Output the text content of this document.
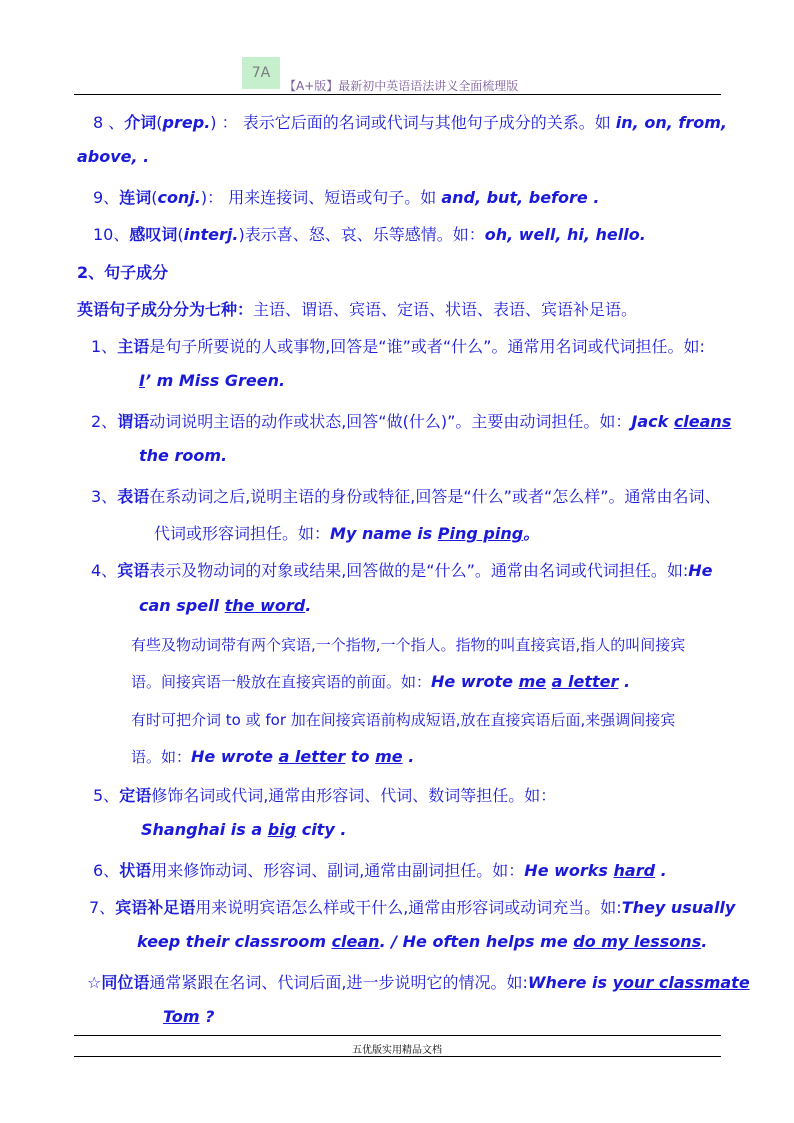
7A
【A+版】最新初中英语语法讲义全面梳理版
8 、介词(prep.) ： 表示它后面的名词或代词与其他句子成分的关系。如 in, on, from,
above, .
9、连词(conj.)： 用来连接词、短语或句子。如 and, but, before .
10、感叹词(interj.)表示喜、怒、哀、乐等感情。如：oh, well, hi, hello.
2、句子成分
英语句子成分分为七种：主语、谓语、宾语、定语、状语、表语、宾语补足语。
1、主语是句子所要说的人或事物,回答是“谁”或者“什么”。通常用名词或代词担任。如:
I’ m Miss Green.
2、谓语动词说明主语的动作或状态,回答“做(什么)”。主要由动词担任。如：Jack cleans
the room.
3、表语在系动词之后,说明主语的身份或特征,回答是“什么”或者“怎么样”。通常由名词、
代词或形容词担任。如：My name is Ping ping。
4、宾语表示及物动词的对象或结果,回答做的是“什么”。通常由名词或代词担任。如:He
can spell the word.
有些及物动词带有两个宾语,一个指物,一个指人。指物的叫直接宾语,指人的叫间接宾
语。间接宾语一般放在直接宾语的前面。如：He wrote me a letter .
有时可把介词 to 或 for 加在间接宾语前构成短语,放在直接宾语后面,来强调间接宾
语。如：He wrote a letter to me .
5、定语修饰名词或代词,通常由形容词、代词、数词等担任。如：
Shanghai is a big city .
6、状语用来修饰动词、形容词、副词,通常由副词担任。如：He works hard .
7、宾语补足语用来说明宾语怎么样或干什么,通常由形容词或动词充当。如:They usually
keep their classroom clean. / He often helps me do my lessons.
☆同位语通常紧跟在名词、代词后面,进一步说明它的情况。如:Where is your classmate
Tom ?
五优版实用精品文档
